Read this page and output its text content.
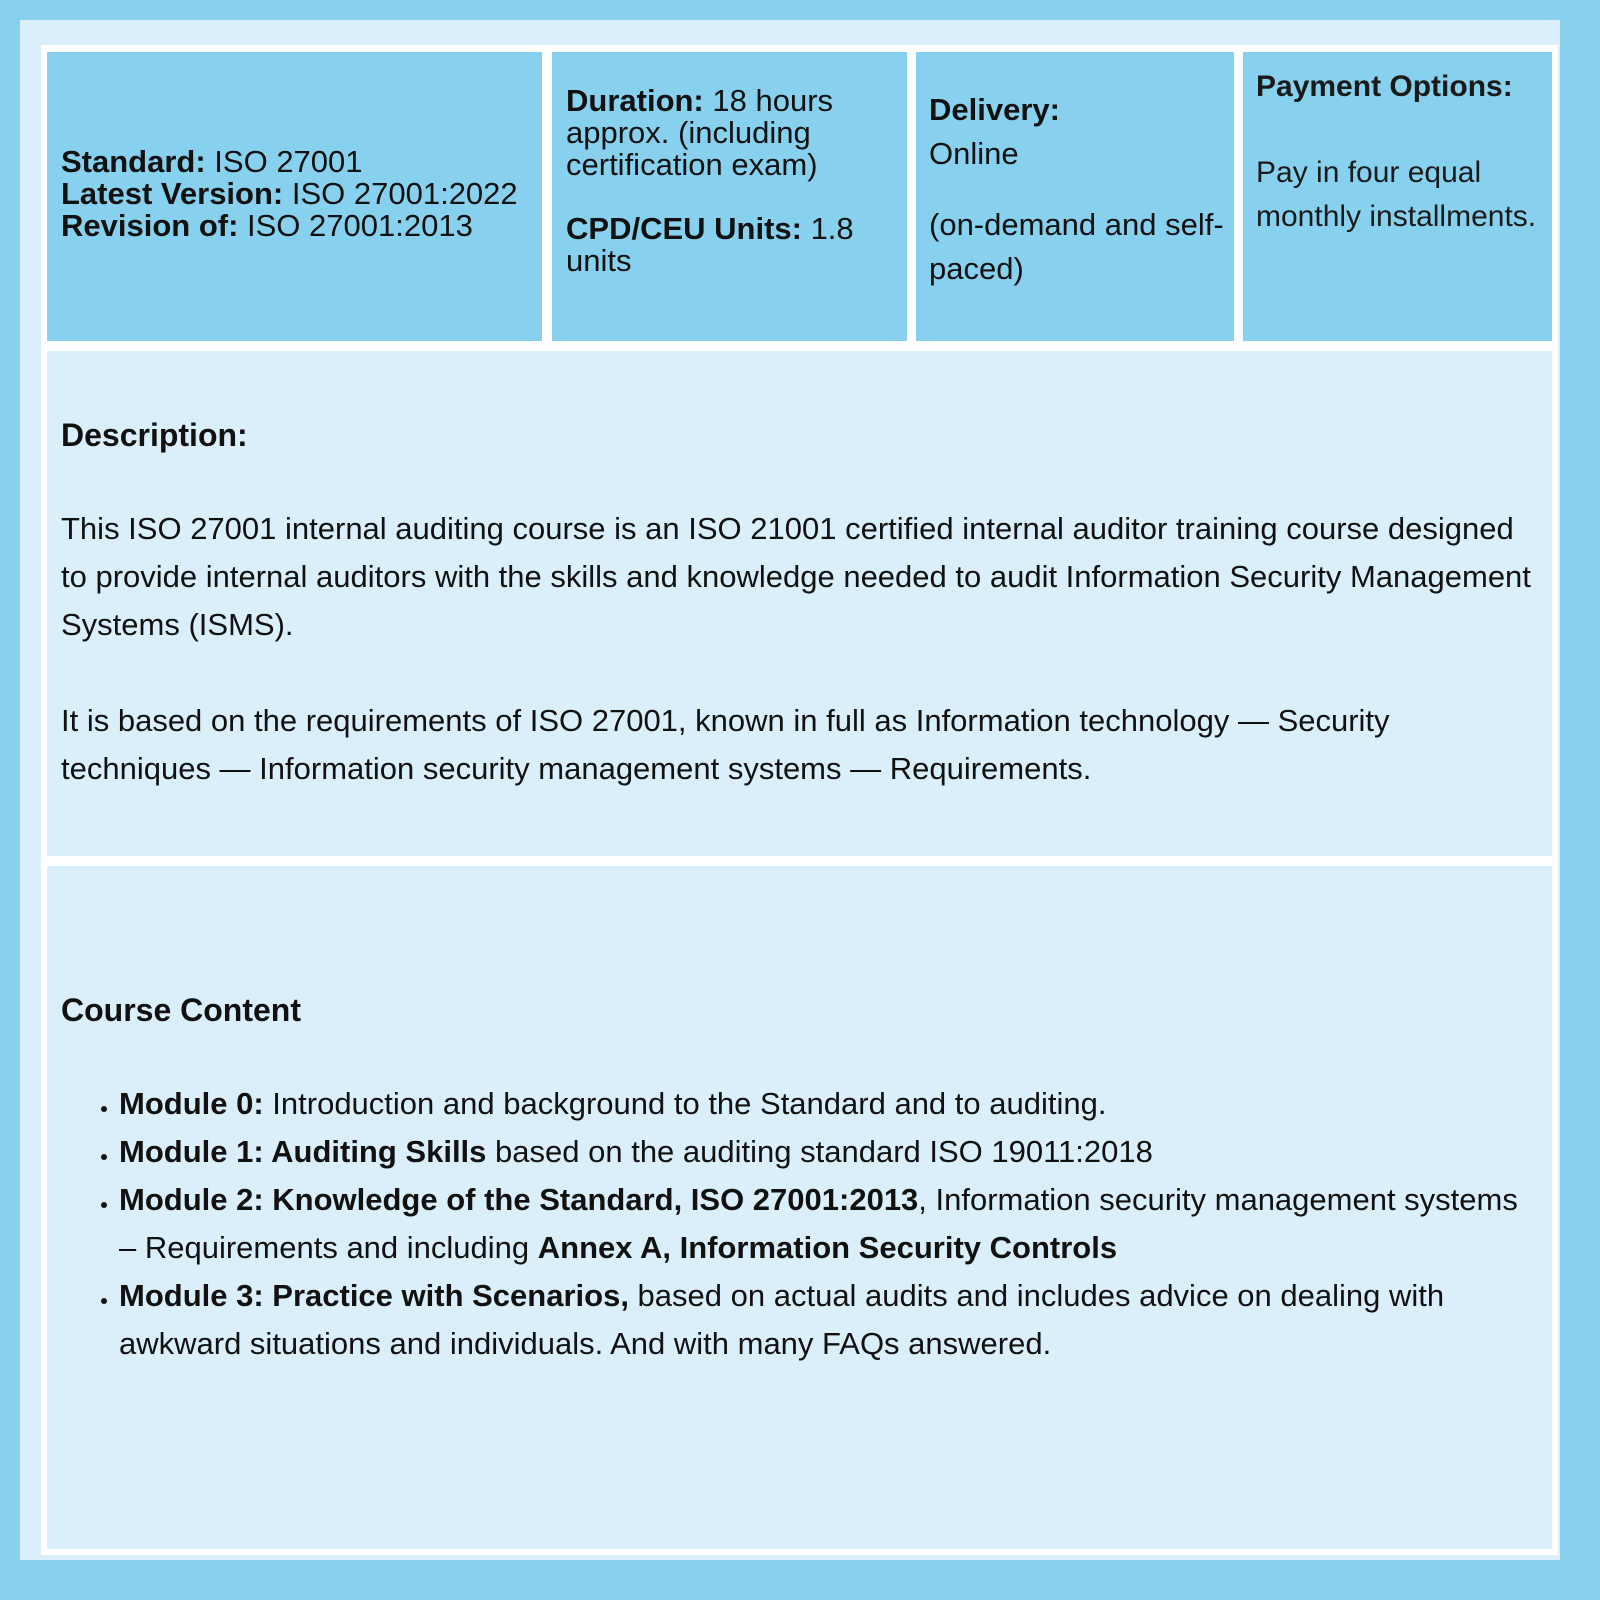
Standard: ISO 27001

Latest Version: ISO 27001:2022

Revision of: ISO 27001:2013

Duration: 18 hours approx. (including certification exam)

CPD/CEU Units: 1.8 units

Delivery:

Online

(on-demand and self-paced)

Payment Options:

Pay in four equal monthly installments.

Description:

This ISO 27001 internal auditing course is an ISO 21001 certified internal auditor training course designed to provide internal auditors with the skills and knowledge needed to audit Information Security Management Systems (ISMS).

It is based on the requirements of ISO 27001, known in full as Information technology — Security techniques — Information security management systems — Requirements.

Course Content

• Module 0: Introduction and background to the Standard and to auditing.
• Module 1: Auditing Skills based on the auditing standard ISO 19011:2018
• Module 2: Knowledge of the Standard, ISO 27001:2013, Information security management systems – Requirements and including Annex A, Information Security Controls
• Module 3: Practice with Scenarios, based on actual audits and includes advice on dealing with awkward situations and individuals. And with many FAQs answered.
